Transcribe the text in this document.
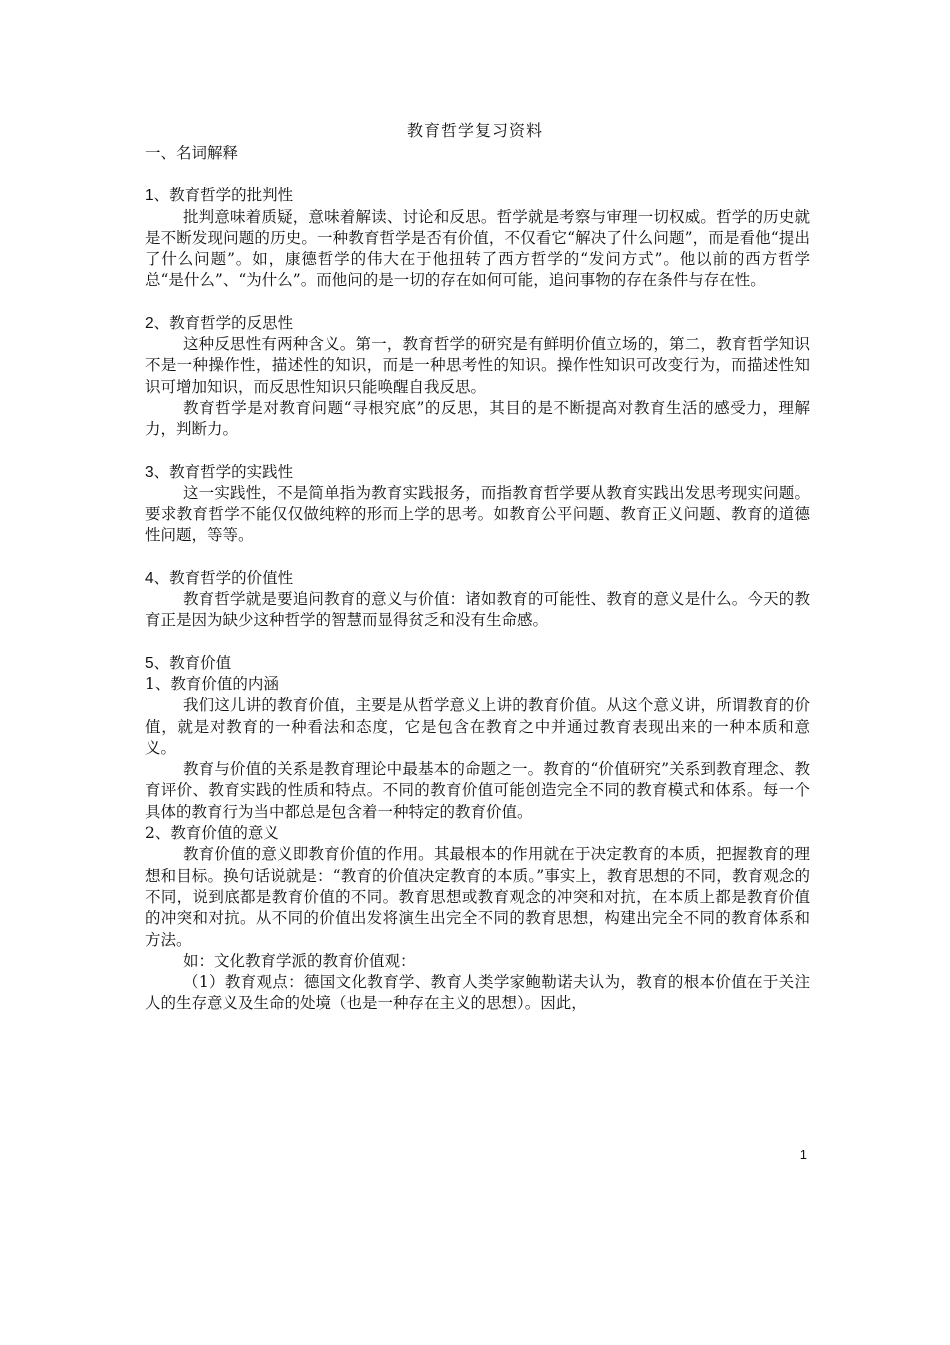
教育哲学复习资料

一、名词解释

1、教育哲学的批判性

批判意味着质疑，意味着解读、讨论和反思。哲学就是考察与审理一切权威。哲学的历史就是不断发现问题的历史。一种教育哲学是否有价值，不仅看它“解决了什么问题”，而是看他“提出了什么问题”。如，康德哲学的伟大在于他扭转了西方哲学的“发问方式”。他以前的西方哲学总“是什么”、“为什么”。而他问的是一切的存在如何可能，追问事物的存在条件与存在性。

2、教育哲学的反思性

这种反思性有两种含义。第一，教育哲学的研究是有鲜明价值立场的，第二，教育哲学知识不是一种操作性，描述性的知识，而是一种思考性的知识。操作性知识可改变行为，而描述性知识可增加知识，而反思性知识只能唤醒自我反思。

教育哲学是对教育问题“寻根究底”的反思，其目的是不断提高对教育生活的感受力，理解力，判断力。

3、教育哲学的实践性

这一实践性，不是简单指为教育实践报务，而指教育哲学要从教育实践出发思考现实问题。要求教育哲学不能仅仅做纯粹的形而上学的思考。如教育公平问题、教育正义问题、教育的道德性问题，等等。

4、教育哲学的价值性

教育哲学就是要追问教育的意义与价值：诸如教育的可能性、教育的意义是什么。今天的教育正是因为缺少这种哲学的智慧而显得贫乏和没有生命感。

5、教育价值

1、教育价值的内涵

我们这儿讲的教育价值，主要是从哲学意义上讲的教育价值。从这个意义讲，所谓教育的价值，就是对教育的一种看法和态度，它是包含在教育之中并通过教育表现出来的一种本质和意义。

教育与价值的关系是教育理论中最基本的命题之一。教育的“价值研究”关系到教育理念、教育评价、教育实践的性质和特点。不同的教育价值可能创造完全不同的教育模式和体系。每一个具体的教育行为当中都总是包含着一种特定的教育价值。

2、教育价值的意义

教育价值的意义即教育价值的作用。其最根本的作用就在于决定教育的本质，把握教育的理想和目标。换句话说就是：“教育的价值决定教育的本质。”事实上，教育思想的不同，教育观念的不同，说到底都是教育价值的不同。教育思想或教育观念的冲突和对抗，在本质上都是教育价值的冲突和对抗。从不同的价值出发将演生出完全不同的教育思想，构建出完全不同的教育体系和方法。

如：文化教育学派的教育价值观：

（1）教育观点：德国文化教育学、教育人类学家鲍勒诺夫认为，教育的根本价值在于关注人的生存意义及生命的处境（也是一种存在主义的思想）。因此，

1
